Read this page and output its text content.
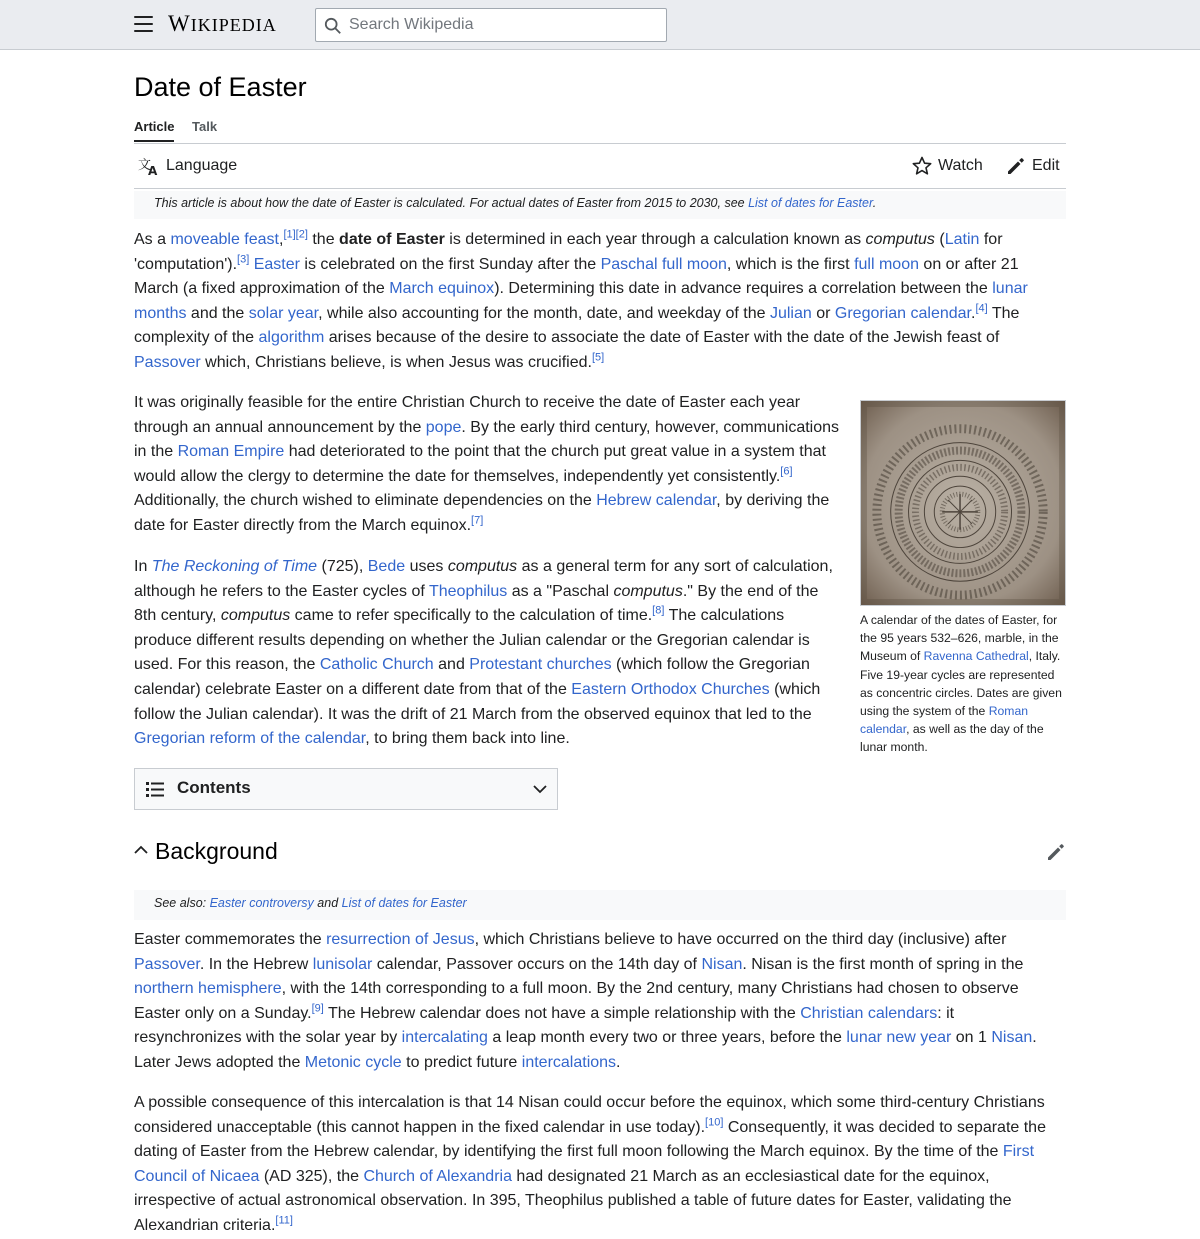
WIKIPEDIA
Search Wikipedia
Date of Easter
Article Talk
文
A Language	Watch	Edit
This article is about how the date of Easter is calculated. For actual dates of Easter from 2015 to 2030, see List of dates for Easter.

As a moveable feast,[1][2] the date of Easter is determined in each year through a calculation known as computus (Latin for 'computation').[3] Easter is celebrated on the first Sunday after the Paschal full moon, which is the first full moon on or after 21 March (a fixed approximation of the March equinox). Determining this date in advance requires a correlation between the lunar months and the solar year, while also accounting for the month, date, and weekday of the Julian or Gregorian calendar.[4] The complexity of the algorithm arises because of the desire to associate the date of Easter with the date of the Jewish feast of Passover which, Christians believe, is when Jesus was crucified.[5]

It was originally feasible for the entire Christian Church to receive the date of Easter each year through an annual announcement by the pope. By the early third century, however, communications in the Roman Empire had deteriorated to the point that the church put great value in a system that would allow the clergy to determine the date for themselves, independently yet consistently.[6] Additionally, the church wished to eliminate dependencies on the Hebrew calendar, by deriving the date for Easter directly from the March equinox.[7]

In The Reckoning of Time (725), Bede uses computus as a general term for any sort of calculation, although he refers to the Easter cycles of Theophilus as a "Paschal computus." By the end of the 8th century, computus came to refer specifically to the calculation of time.[8] The calculations produce different results depending on whether the Julian calendar or the Gregorian calendar is used. For this reason, the Catholic Church and Protestant churches (which follow the Gregorian calendar) celebrate Easter on a different date from that of the Eastern Orthodox Churches (which follow the Julian calendar). It was the drift of 21 March from the observed equinox that led to the Gregorian reform of the calendar, to bring them back into line.

A calendar of the dates of Easter, for the 95 years 532–626, marble, in the Museum of Ravenna Cathedral, Italy. Five 19-year cycles are represented as concentric circles. Dates are given using the system of the Roman calendar, as well as the day of the lunar month.
Contents
Background
See also: Easter controversy and List of dates for Easter

Easter commemorates the resurrection of Jesus, which Christians believe to have occurred on the third day (inclusive) after Passover. In the Hebrew lunisolar calendar, Passover occurs on the 14th day of Nisan. Nisan is the first month of spring in the northern hemisphere, with the 14th corresponding to a full moon. By the 2nd century, many Christians had chosen to observe Easter only on a Sunday.[9] The Hebrew calendar does not have a simple relationship with the Christian calendars: it resynchronizes with the solar year by intercalating a leap month every two or three years, before the lunar new year on 1 Nisan. Later Jews adopted the Metonic cycle to predict future intercalations.

A possible consequence of this intercalation is that 14 Nisan could occur before the equinox, which some third-century Christians considered unacceptable (this cannot happen in the fixed calendar in use today).[10] Consequently, it was decided to separate the dating of Easter from the Hebrew calendar, by identifying the first full moon following the March equinox. By the time of the First Council of Nicaea (AD 325), the Church of Alexandria had designated 21 March as an ecclesiastical date for the equinox, irrespective of actual astronomical observation. In 395, Theophilus published a table of future dates for Easter, validating the Alexandrian criteria.[11]
